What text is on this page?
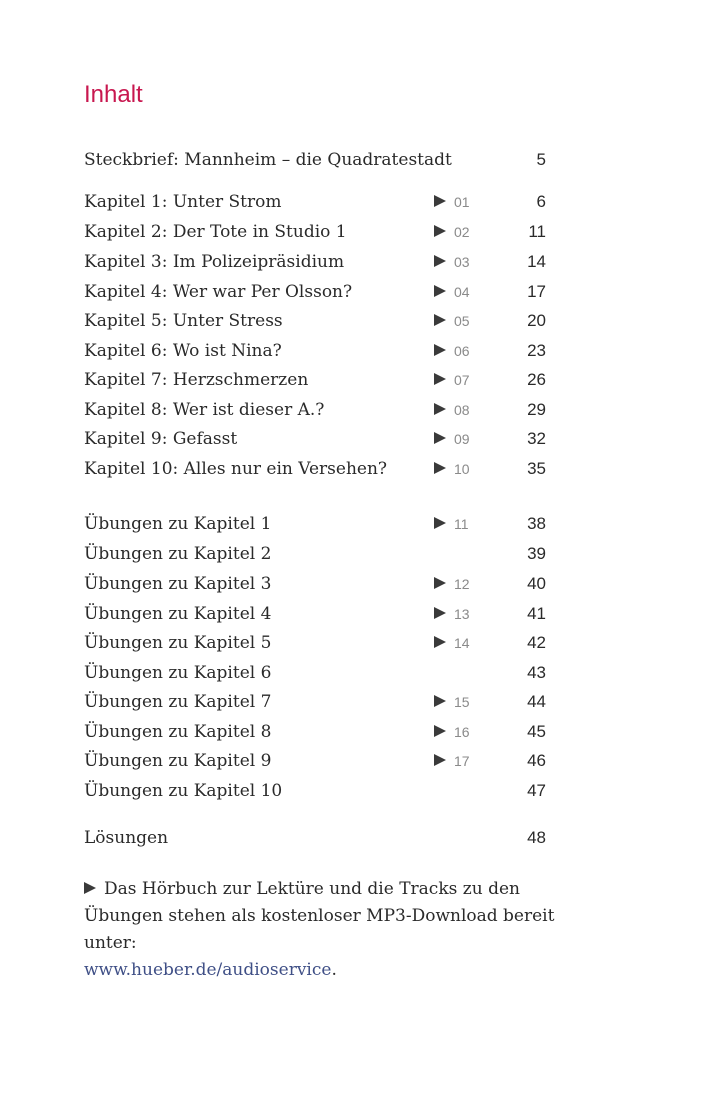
Inhalt
Steckbrief: Mannheim – die Quadratestadt	5
Kapitel 1: Unter Strom	01	6
Kapitel 2: Der Tote in Studio 1	02	11
Kapitel 3: Im Polizeipräsidium	03	14
Kapitel 4: Wer war Per Olsson?	04	17
Kapitel 5: Unter Stress	05	20
Kapitel 6: Wo ist Nina?	06	23
Kapitel 7: Herzschmerzen	07	26
Kapitel 8: Wer ist dieser A.?	08	29
Kapitel 9: Gefasst	09	32
Kapitel 10: Alles nur ein Versehen?	10	35
Übungen zu Kapitel 1	11	38
Übungen zu Kapitel 2	39
Übungen zu Kapitel 3	12	40
Übungen zu Kapitel 4	13	41
Übungen zu Kapitel 5	14	42
Übungen zu Kapitel 6	43
Übungen zu Kapitel 7	15	44
Übungen zu Kapitel 8	16	45
Übungen zu Kapitel 9	17	46
Übungen zu Kapitel 10	47
Lösungen	48

Das Hörbuch zur Lektüre und die Tracks zu den Übungen stehen als kostenloser MP3-Download bereit unter:
www.hueber.de/audioservice.
